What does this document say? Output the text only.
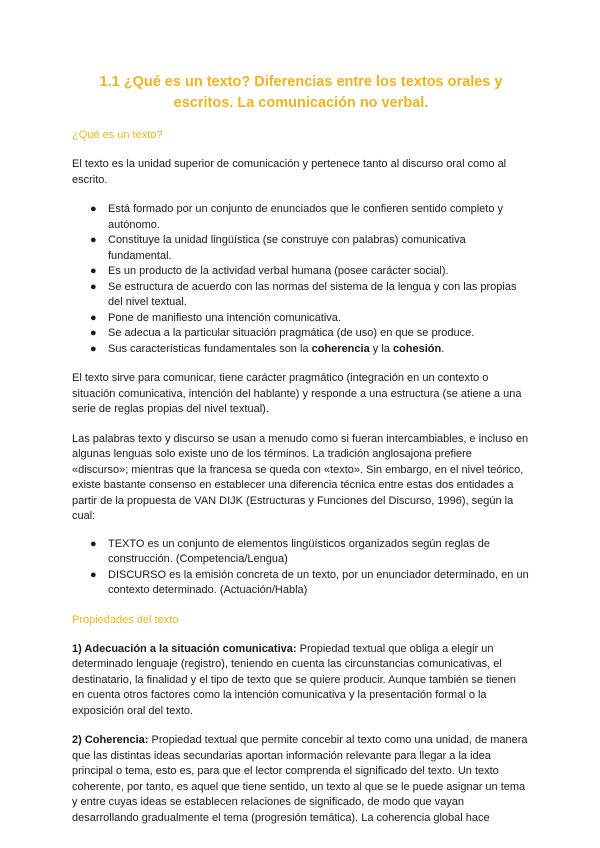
1.1 ¿Qué es un texto? Diferencias entre los textos orales y escritos. La comunicación no verbal.
¿Qué es un texto?

El texto es la unidad superior de comunicación y pertenece tanto al discurso oral como al escrito.

● Está formado por un conjunto de enunciados que le confieren sentido completo y autónomo.
● Constituye la unidad lingüística (se construye con palabras) comunicativa fundamental.
● Es un producto de la actividad verbal humana (posee carácter social).
● Se estructura de acuerdo con las normas del sistema de la lengua y con las propias del nivel textual.
● Pone de manifiesto una intención comunicativa.
● Se adecua a la particular situación pragmática (de uso) en que se produce.
● Sus características fundamentales son la coherencia y la cohesión.

El texto sirve para comunicar, tiene carácter pragmático (integración en un contexto o situación comunicativa, intención del hablante) y responde a una estructura (se atiene a una serie de reglas propias del nivel textual).

Las palabras texto y discurso se usan a menudo como si fueran intercambiables, e incluso en algunas lenguas solo existe uno de los términos. La tradición anglosajona prefiere «discurso»; mientras que la francesa se queda con «texto». Sin embargo, en el nivel teórico, existe bastante consenso en establecer una diferencia técnica entre estas dos entidades a partir de la propuesta de VAN DIJK (Estructuras y Funciones del Discurso, 1996), según la cual:

● TEXTO es un conjunto de elementos lingüísticos organizados según reglas de construcción. (Competencia/Lengua)
● DISCURSO es la emisión concreta de un texto, por un enunciador determinado, en un contexto determinado. (Actuación/Habla)
Propiedades del texto

1) Adecuación a la situación comunicativa: Propiedad textual que obliga a elegir un determinado lenguaje (registro), teniendo en cuenta las circunstancias comunicativas, el destinatario, la finalidad y el tipo de texto que se quiere producir. Aunque también se tienen en cuenta otros factores como la intención comunicativa y la presentación formal o la exposición oral del texto.

2) Coherencia: Propiedad textual que permite concebir al texto como una unidad, de manera que las distintas ideas secundarias aportan información relevante para llegar a la idea principal o tema, esto es, para que el lector comprenda el significado del texto. Un texto coherente, por tanto, es aquel que tiene sentido, un texto al que se le puede asignar un tema y entre cuyas ideas se establecen relaciones de significado, de modo que vayan desarrollando gradualmente el tema (progresión temática). La coherencia global hace
